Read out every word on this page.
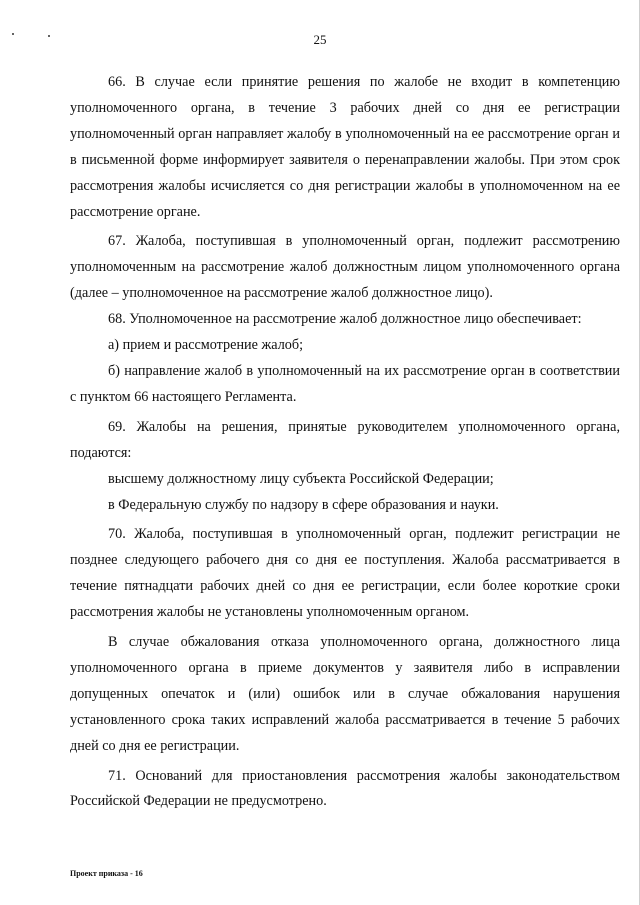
25

66. В случае если принятие решения по жалобе не входит в компетенцию уполномоченного органа, в течение 3 рабочих дней со дня ее регистрации уполномоченный орган направляет жалобу в уполномоченный на ее рассмотрение орган и в письменной форме информирует заявителя о перенаправлении жалобы. При этом срок рассмотрения жалобы исчисляется со дня регистрации жалобы в уполномоченном на ее рассмотрение органе.

67. Жалоба, поступившая в уполномоченный орган, подлежит рассмотрению уполномоченным на рассмотрение жалоб должностным лицом уполномоченного органа (далее – уполномоченное на рассмотрение жалоб должностное лицо).

68. Уполномоченное на рассмотрение жалоб должностное лицо обеспечивает:

а) прием и рассмотрение жалоб;

б) направление жалоб в уполномоченный на их рассмотрение орган в соответствии с пунктом 66 настоящего Регламента.

69. Жалобы на решения, принятые руководителем уполномоченного органа, подаются:

высшему должностному лицу субъекта Российской Федерации;

в Федеральную службу по надзору в сфере образования и науки.

70. Жалоба, поступившая в уполномоченный орган, подлежит регистрации не позднее следующего рабочего дня со дня ее поступления. Жалоба рассматривается в течение пятнадцати рабочих дней со дня ее регистрации, если более короткие сроки рассмотрения жалобы не установлены уполномоченным органом.

В случае обжалования отказа уполномоченного органа, должностного лица уполномоченного органа в приеме документов у заявителя либо в исправлении допущенных опечаток и (или) ошибок или в случае обжалования нарушения установленного срока таких исправлений жалоба рассматривается в течение 5 рабочих дней со дня ее регистрации.

71. Оснований для приостановления рассмотрения жалобы законодательством Российской Федерации не предусмотрено.

Проект приказа - 16
